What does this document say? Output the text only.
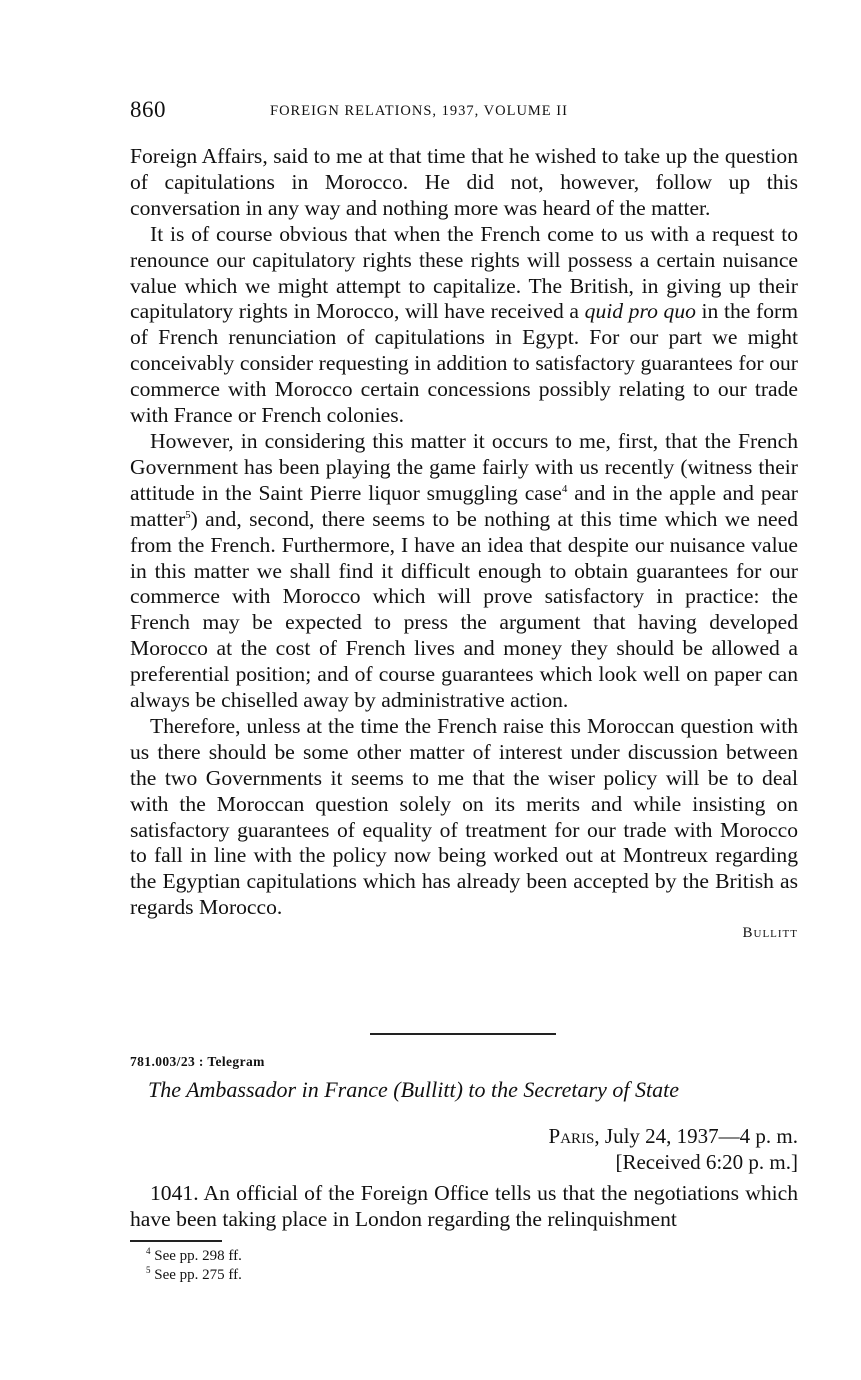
860	FOREIGN RELATIONS, 1937, VOLUME II

Foreign Affairs, said to me at that time that he wished to take up the question of capitulations in Morocco. He did not, however, follow up this conversation in any way and nothing more was heard of the matter.

It is of course obvious that when the French come to us with a request to renounce our capitulatory rights these rights will possess a certain nuisance value which we might attempt to capitalize. The British, in giving up their capitulatory rights in Morocco, will have received a quid pro quo in the form of French renunciation of capitulations in Egypt. For our part we might conceivably consider requesting in addition to satisfactory guarantees for our commerce with Morocco certain concessions possibly relating to our trade with France or French colonies.

However, in considering this matter it occurs to me, first, that the French Government has been playing the game fairly with us recently (witness their attitude in the Saint Pierre liquor smuggling case$^4$ and in the apple and pear matter$^5$) and, second, there seems to be nothing at this time which we need from the French. Furthermore, I have an idea that despite our nuisance value in this matter we shall find it difficult enough to obtain guarantees for our commerce with Morocco which will prove satisfactory in practice: the French may be expected to press the argument that having developed Morocco at the cost of French lives and money they should be allowed a preferential position; and of course guarantees which look well on paper can always be chiselled away by administrative action.

Therefore, unless at the time the French raise this Moroccan question with us there should be some other matter of interest under discussion between the two Governments it seems to me that the wiser policy will be to deal with the Moroccan question solely on its merits and while insisting on satisfactory guarantees of equality of treatment for our trade with Morocco to fall in line with the policy now being worked out at Montreux regarding the Egyptian capitulations which has already been accepted by the British as regards Morocco.

Bullitt
781.003/23 : Telegram
The Ambassador in France (Bullitt) to the Secretary of State
Paris, July 24, 1937—4 p. m.
[Received 6:20 p. m.]

1041. An official of the Foreign Office tells us that the negotiations which have been taking place in London regarding the relinquishment

$^4$ See pp. 298 ff.
$^5$ See pp. 275 ff.
